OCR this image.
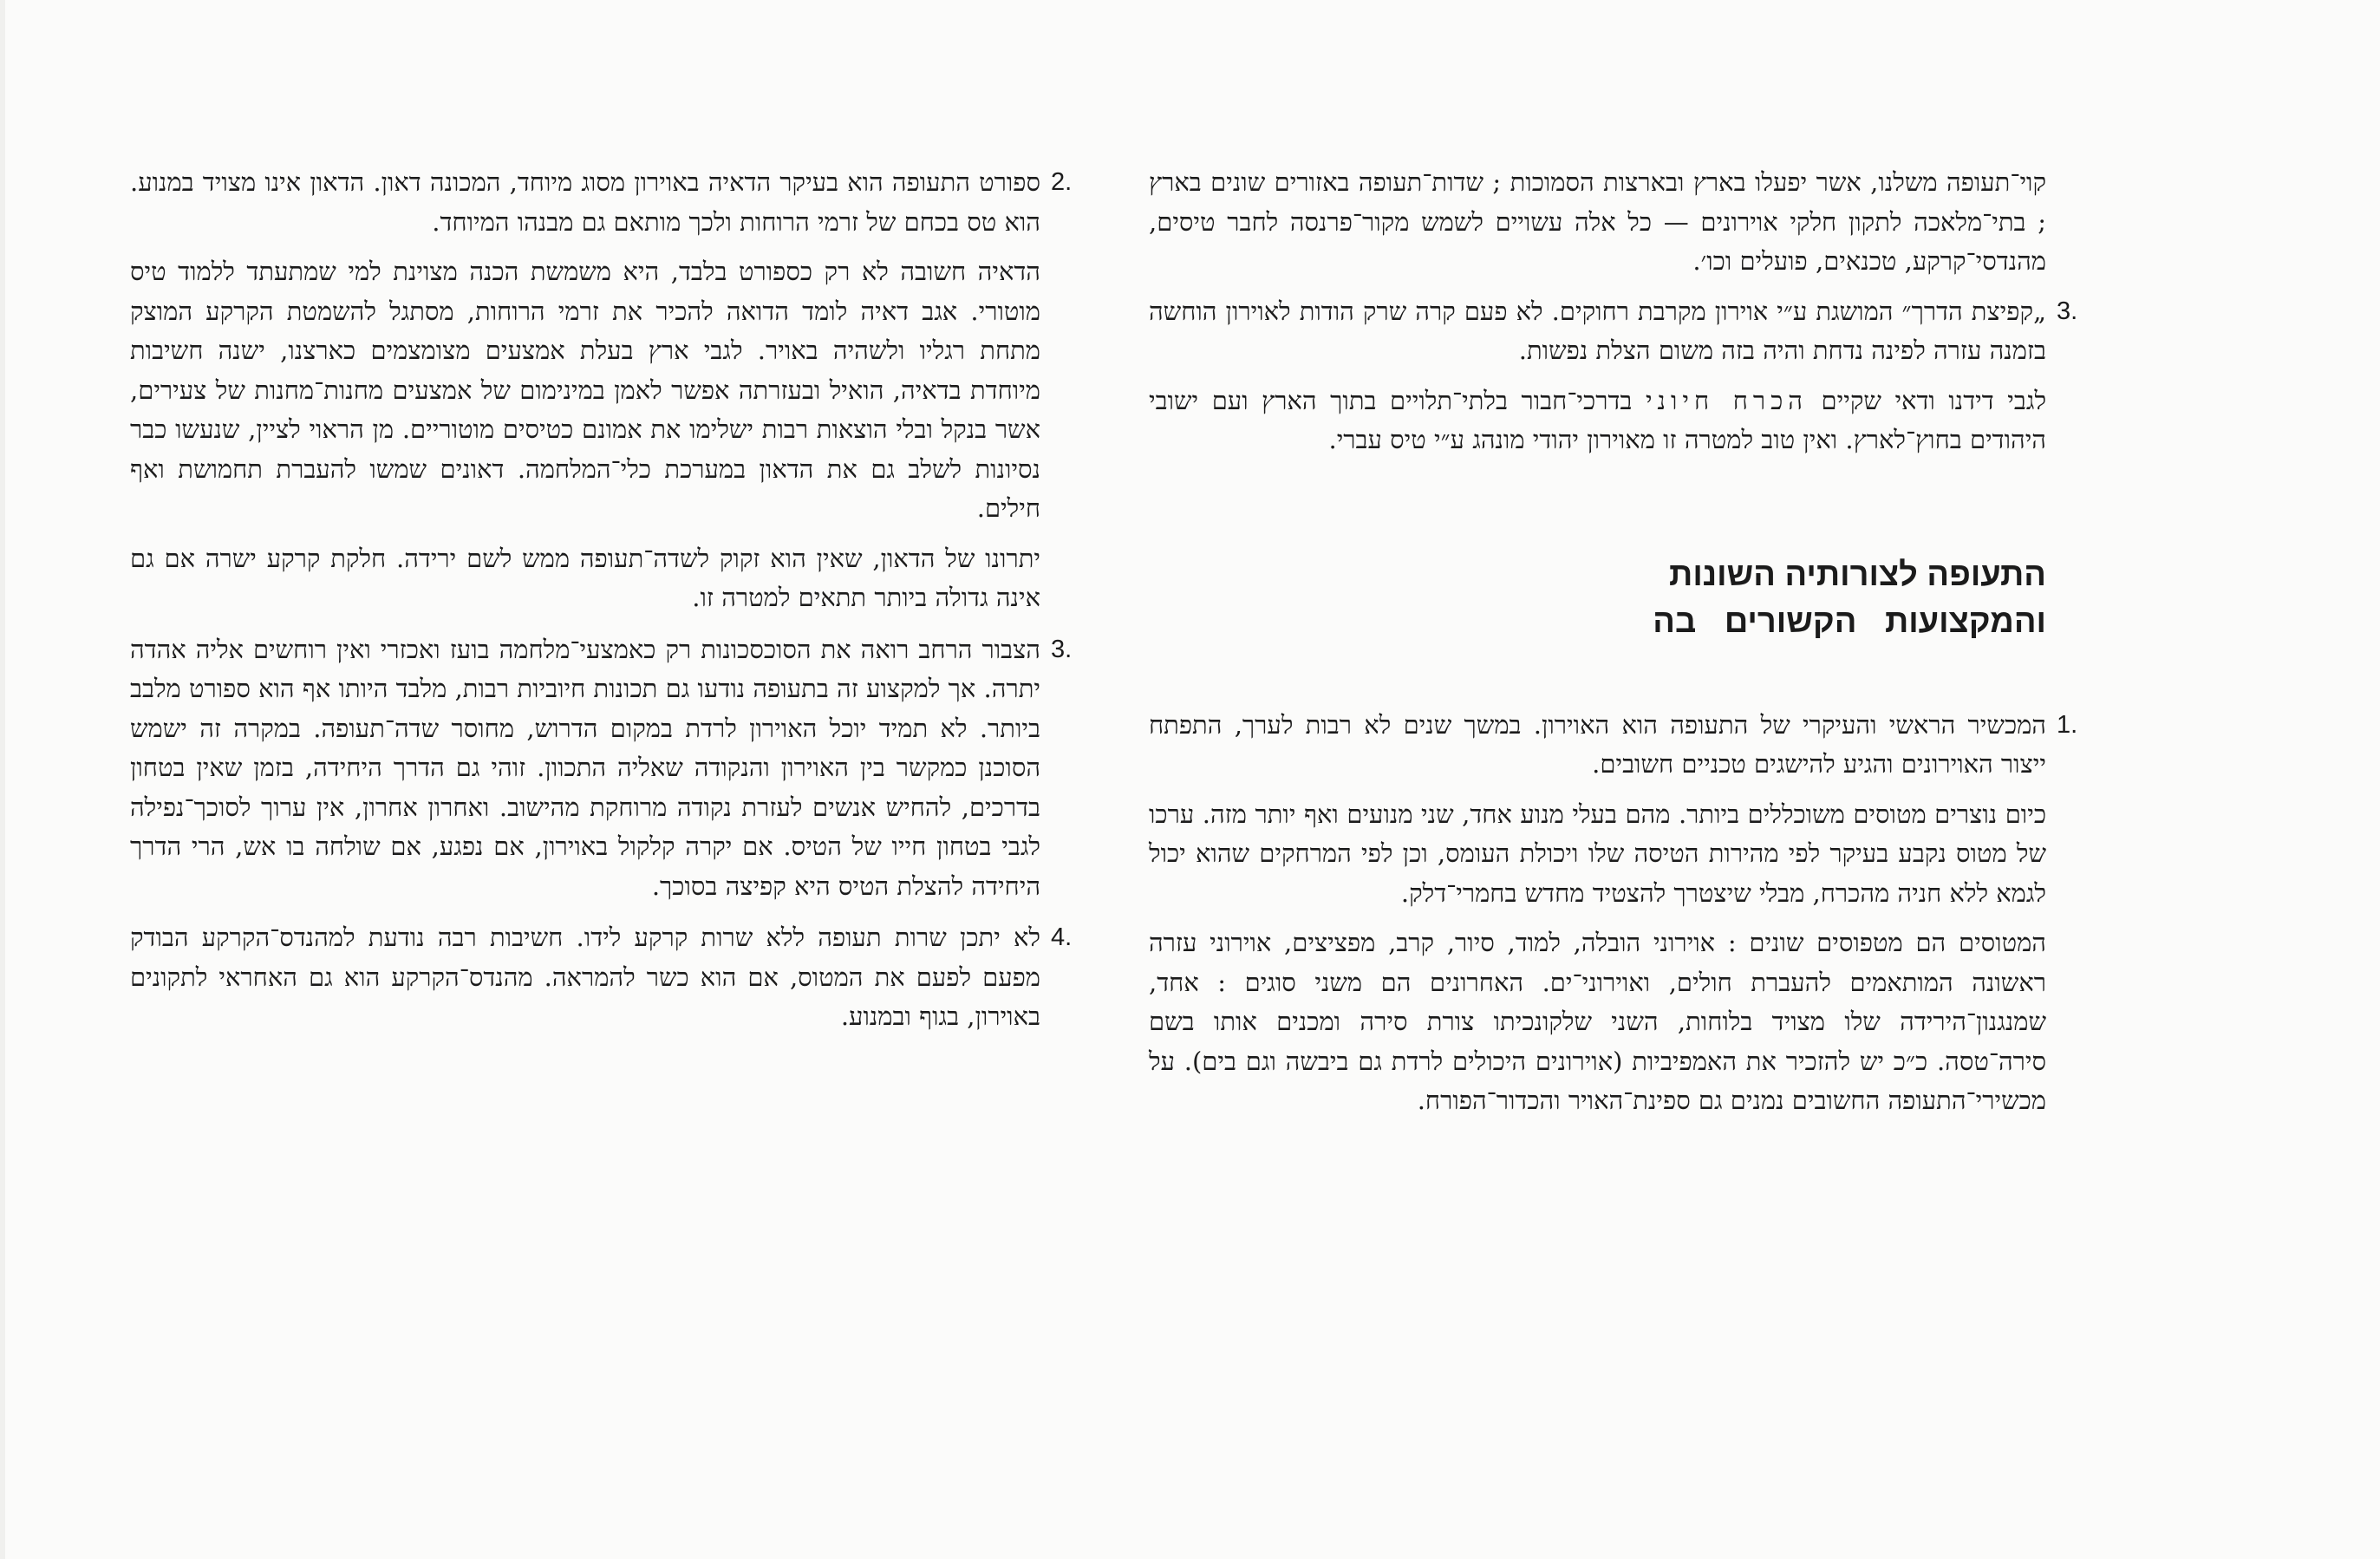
קוי־תעופה משלנו, אשר יפעלו בארץ ובארצות הסמוכות ; שדות־תעופה באזורים שונים בארץ ; בתי־מלאכה לתקון חלקי אוירונים — כל אלה עשויים לשמש מקור־פרנסה לחבר טיסים, מהנדסי־קרקע, טכנאים, פועלים וכו׳.

3.

„קפיצת הדרך״ המושגת ע״י אוירון מקרבת רחוקים. לא פעם קרה שרק הודות לאוירון הוחשה בזמנה עזרה לפינה נדחת והיה בזה משום הצלת נפשות.

לגבי דידנו ודאי שקיים הכרח חיוני בדרכי־חבור בלתי־תלויים בתוך הארץ ועם ישובי היהודים בחוץ־לארץ. ואין טוב למטרה זו מאוירון יהודי מונהג ע״י טיס עברי.

התעופה לצורותיה השונות
והמקצועות הקשורים בה
1.

המכשיר הראשי והעיקרי של התעופה הוא האוירון. במשך שנים לא רבות לערך, התפתח ייצור האוירונים והגיע להישגים טכניים חשובים.

כיום נוצרים מטוסים משוכללים ביותר. מהם בעלי מנוע אחד, שני מנועים ואף יותר מזה. ערכו של מטוס נקבע בעיקר לפי מהירות הטיסה שלו ויכולת העומס, וכן לפי המרחקים שהוא יכול לגמא ללא חניה מהכרח, מבלי שיצטרך להצטיד מחדש בחמרי־דלק.

המטוסים הם מטפוסים שונים : אוירוני הובלה, למוד, סיור, קרב, מפציצים, אוירוני עזרה ראשונה המותאמים להעברת חולים, ואוירוני־ים. האחרונים הם משני סוגים : אחד, שמנגנון־הירידה שלו מצויד בלוחות, השני שלקונכיתו צורת סירה ומכנים אותו בשם סירה־טסה. כ״כ יש להזכיר את האמפיביות (אוירונים היכולים לרדת גם ביבשה וגם בים). על מכשירי־התעופה החשובים נמנים גם ספינת־האויר והכדור־הפורח.

2.

ספורט התעופה הוא בעיקר הדאיה באוירון מסוג מיוחד, המכונה דאון. הדאון אינו מצויד במנוע. הוא טס בכחם של זרמי הרוחות ולכך מותאם גם מבנהו המיוחד.

הדאיה חשובה לא רק כספורט בלבד, היא משמשת הכנה מצוינת למי שמתעתד ללמוד טיס מוטורי. אגב דאיה לומד הדואה להכיר את זרמי הרוחות, מסתגל להשמטת הקרקע המוצק מתחת רגליו ולשהיה באויר. לגבי ארץ בעלת אמצעים מצומצמים כארצנו, ישנה חשיבות מיוחדת בדאיה, הואיל ובעזרתה אפשר לאמן במינימום של אמצעים מחנות־מחנות של צעירים, אשר בנקל ובלי הוצאות רבות ישלימו את אמונם כטיסים מוטוריים. מן הראוי לציין, שנעשו כבר נסיונות לשלב גם את הדאון במערכת כלי־המלחמה. דאונים שמשו להעברת תחמושת ואף חילים.

יתרונו של הדאון, שאין הוא זקוק לשדה־תעופה ממש לשם ירידה. חלקת קרקע ישרה אם גם אינה גדולה ביותר תתאים למטרה זו.

3.

הצבור הרחב רואה את הסוכסכונות רק כאמצעי־מלחמה בועז ואכזרי ואין רוחשים אליה אהדה יתרה. אך למקצוע זה בתעופה נודעו גם תכונות חיוביות רבות, מלבד היותו אף הוא ספורט מלבב ביותר. לא תמיד יוכל האוירון לרדת במקום הדרוש, מחוסר שדה־תעופה. במקרה זה ישמש הסוכנן כמקשר בין האוירון והנקודה שאליה התכוון. זוהי גם הדרך היחידה, בזמן שאין בטחון בדרכים, להחיש אנשים לעזרת נקודה מרוחקת מהישוב. ואחרון אחרון, אין ערוך לסוכך־נפילה לגבי בטחון חייו של הטיס. אם יקרה קלקול באוירון, אם נפגע, אם שולחה בו אש, הרי הדרך היחידה להצלת הטיס היא קפיצה בסוכך.

4.

לא יתכן שרות תעופה ללא שרות קרקע לידו. חשיבות רבה נודעת למהנדס־הקרקע הבודק מפעם לפעם את המטוס, אם הוא כשר להמראה. מהנדס־הקרקע הוא גם האחראי לתקונים באוירון, בגוף ובמנוע.
